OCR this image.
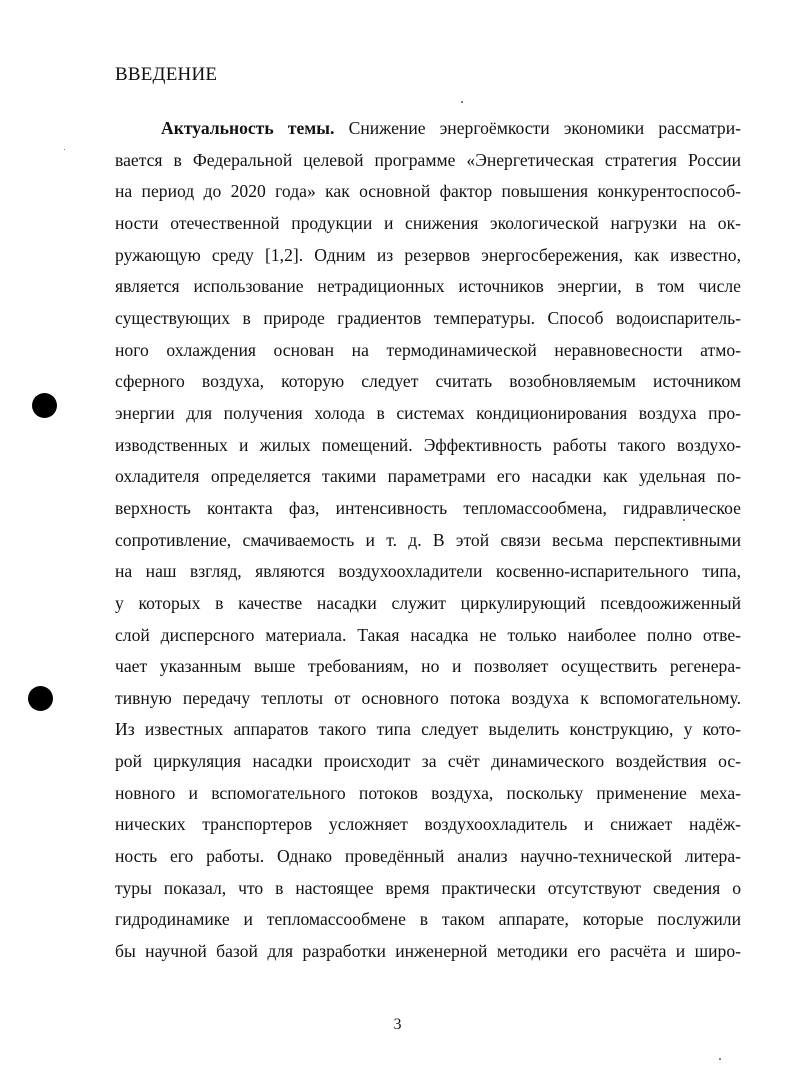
ВВЕДЕНИЕ
Актуальность темы. Снижение энергоёмкости экономики рассматри-
вается в Федеральной целевой программе «Энергетическая стратегия России
на период до 2020 года» как основной фактор повышения конкурентоспособ-
ности отечественной продукции и снижения экологической нагрузки на ок-
ружающую среду [1,2]. Одним из резервов энергосбережения, как известно,
является использование нетрадиционных источников энергии, в том числе
существующих в природе градиентов температуры. Способ водоиспаритель-
ного охлаждения основан на термодинамической неравновесности атмо-
сферного воздуха, которую следует считать возобновляемым источником
энергии для получения холода в системах кондиционирования воздуха про-
изводственных и жилых помещений. Эффективность работы такого воздухо-
охладителя определяется такими параметрами его насадки как удельная по-
верхность контакта фаз, интенсивность тепломассообмена, гидравлическое
сопротивление, смачиваемость и т. д. В этой связи весьма перспективными
на наш взгляд, являются воздухоохладители косвенно-испарительного типа,
у которых в качестве насадки служит циркулирующий псевдоожиженный
слой дисперсного материала. Такая насадка не только наиболее полно отве-
чает указанным выше требованиям, но и позволяет осуществить регенера-
тивную передачу теплоты от основного потока воздуха к вспомогательному.
Из известных аппаратов такого типа следует выделить конструкцию, у кото-
рой циркуляция насадки происходит за счёт динамического воздействия ос-
новного и вспомогательного потоков воздуха, поскольку применение меха-
нических транспортеров усложняет воздухоохладитель и снижает надёж-
ность его работы. Однако проведённый анализ научно-технической литера-
туры показал, что в настоящее время практически отсутствуют сведения о
гидродинамике и тепломассообмене в таком аппарате, которые послужили
бы научной базой для разработки инженерной методики его расчёта и широ-
3
